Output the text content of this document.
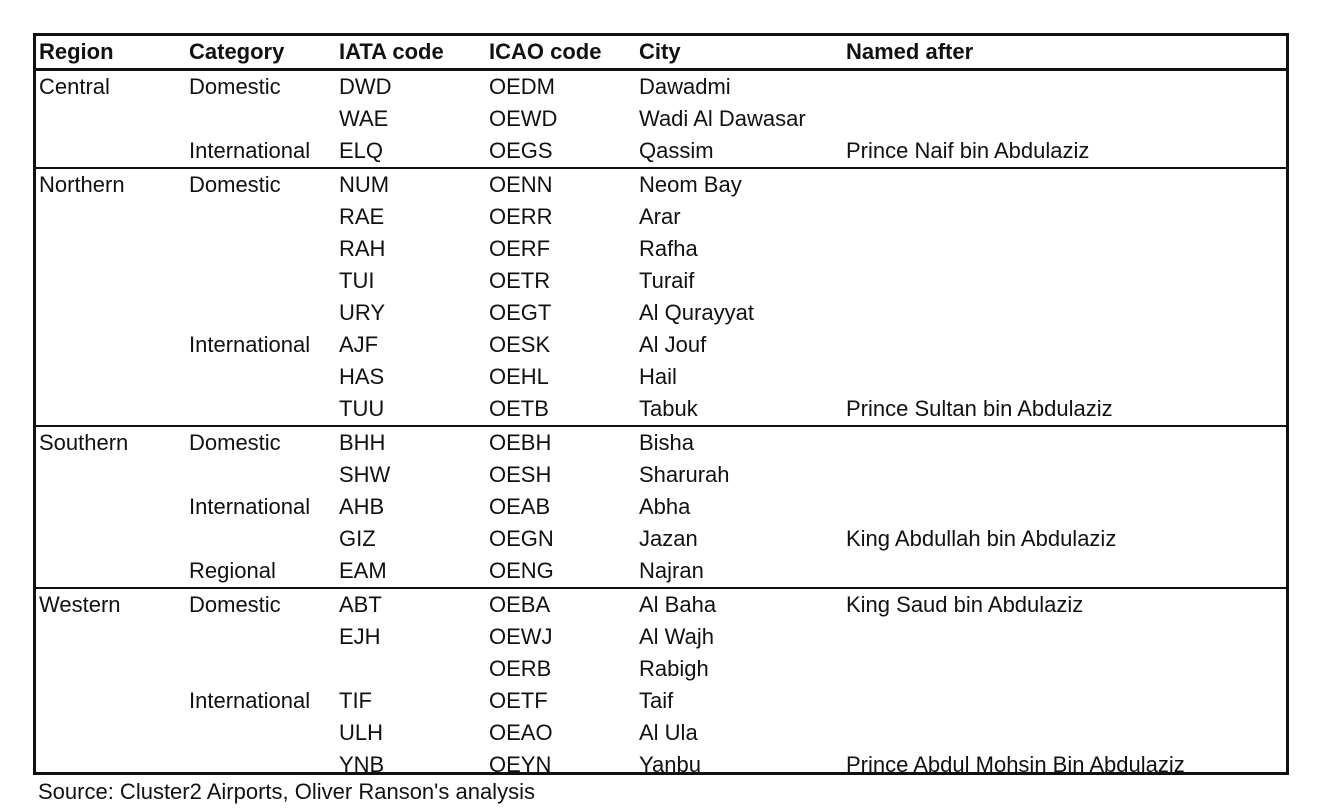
Region	Category	IATA code	ICAO code	City	Named after
Central	Domestic	DWD	OEDM	Dawadmi	
		WAE	OEWD	Wadi Al Dawasar	
	International	ELQ	OEGS	Qassim	Prince Naif bin Abdulaziz
Northern	Domestic	NUM	OENN	Neom Bay	
		RAE	OERR	Arar	
		RAH	OERF	Rafha	
		TUI	OETR	Turaif	
		URY	OEGT	Al Qurayyat	
	International	AJF	OESK	Al Jouf	
		HAS	OEHL	Hail	
		TUU	OETB	Tabuk	Prince Sultan bin Abdulaziz
Southern	Domestic	BHH	OEBH	Bisha	
		SHW	OESH	Sharurah	
	International	AHB	OEAB	Abha	
		GIZ	OEGN	Jazan	King Abdullah bin Abdulaziz
	Regional	EAM	OENG	Najran	
Western	Domestic	ABT	OEBA	Al Baha	King Saud bin Abdulaziz
		EJH	OEWJ	Al Wajh	
			OERB	Rabigh	
	International	TIF	OETF	Taif	
		ULH	OEAO	Al Ula	
		YNB	OEYN	Yanbu	Prince Abdul Mohsin Bin Abdulaziz
Source: Cluster2 Airports, Oliver Ranson's analysis
